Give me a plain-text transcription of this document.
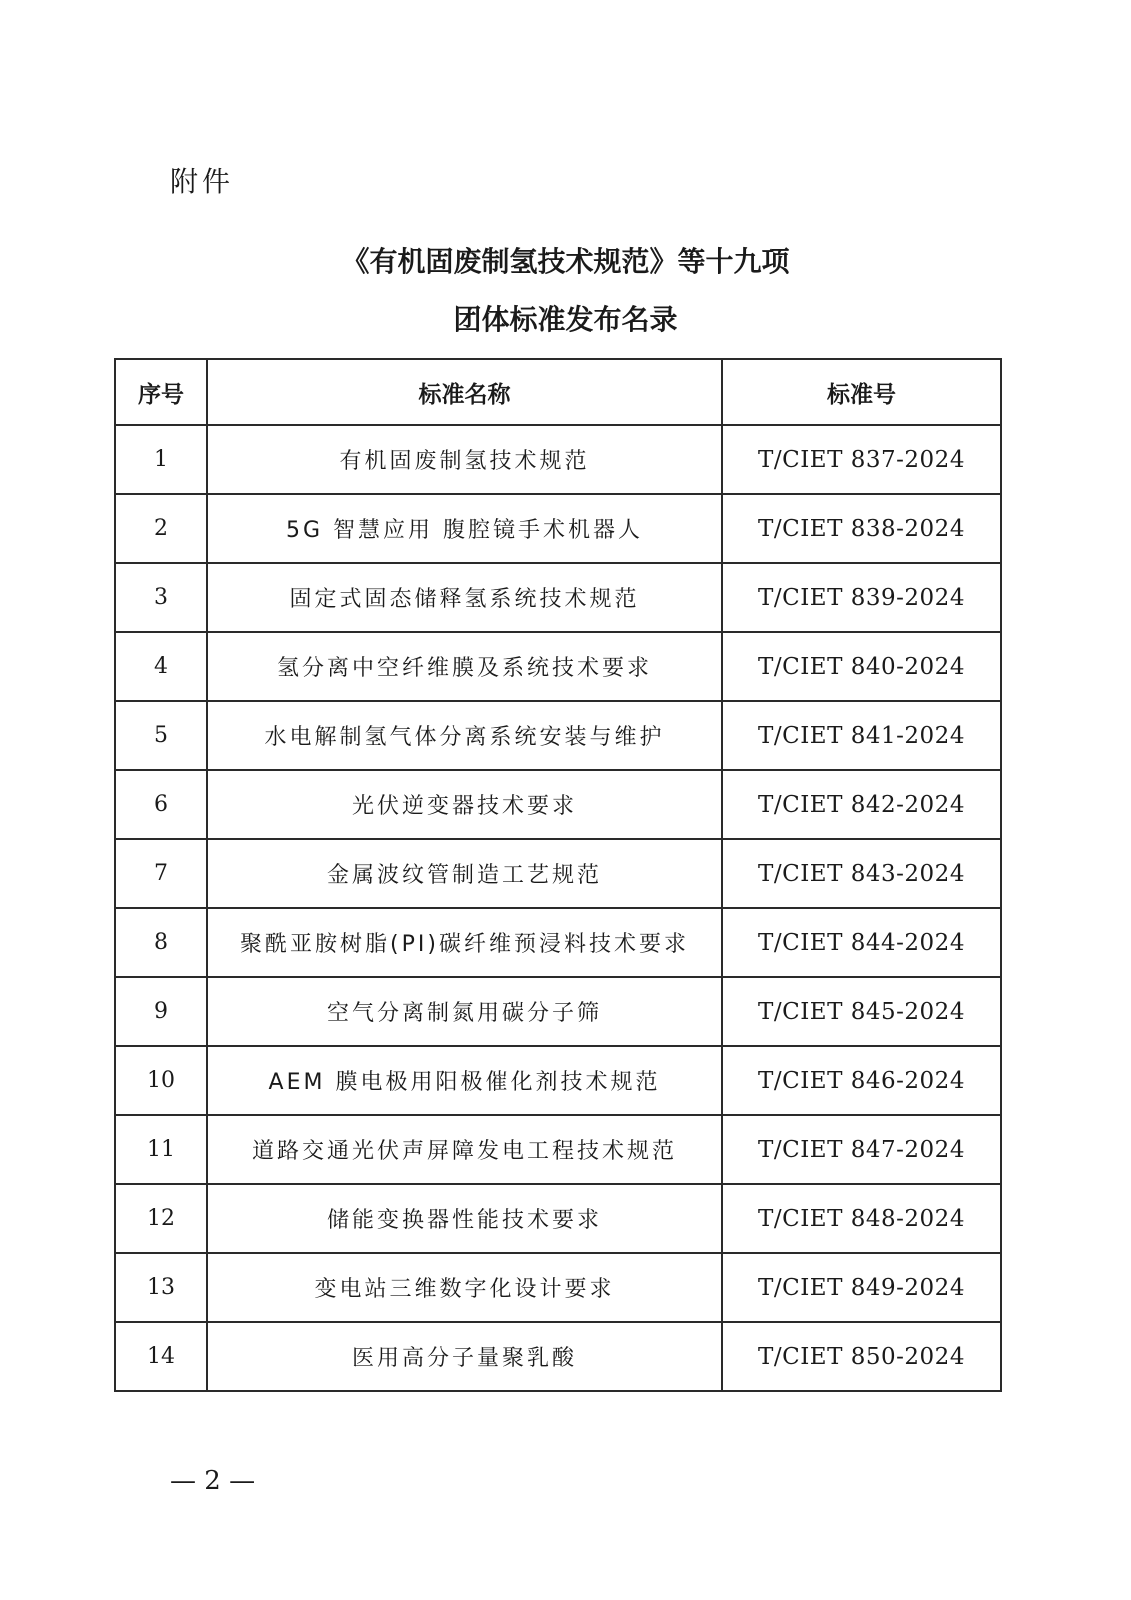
附件
《有机固废制氢技术规范》等十九项
团体标准发布名录
序号	标准名称	标准号
1	有机固废制氢技术规范	T/CIET 837-2024
2	5G 智慧应用 腹腔镜手术机器人	T/CIET 838-2024
3	固定式固态储释氢系统技术规范	T/CIET 839-2024
4	氢分离中空纤维膜及系统技术要求	T/CIET 840-2024
5	水电解制氢气体分离系统安装与维护	T/CIET 841-2024
6	光伏逆变器技术要求	T/CIET 842-2024
7	金属波纹管制造工艺规范	T/CIET 843-2024
8	聚酰亚胺树脂(PI)碳纤维预浸料技术要求	T/CIET 844-2024
9	空气分离制氮用碳分子筛	T/CIET 845-2024
10	AEM 膜电极用阳极催化剂技术规范	T/CIET 846-2024
11	道路交通光伏声屏障发电工程技术规范	T/CIET 847-2024
12	储能变换器性能技术要求	T/CIET 848-2024
13	变电站三维数字化设计要求	T/CIET 849-2024
14	医用高分子量聚乳酸	T/CIET 850-2024
— 2 —
